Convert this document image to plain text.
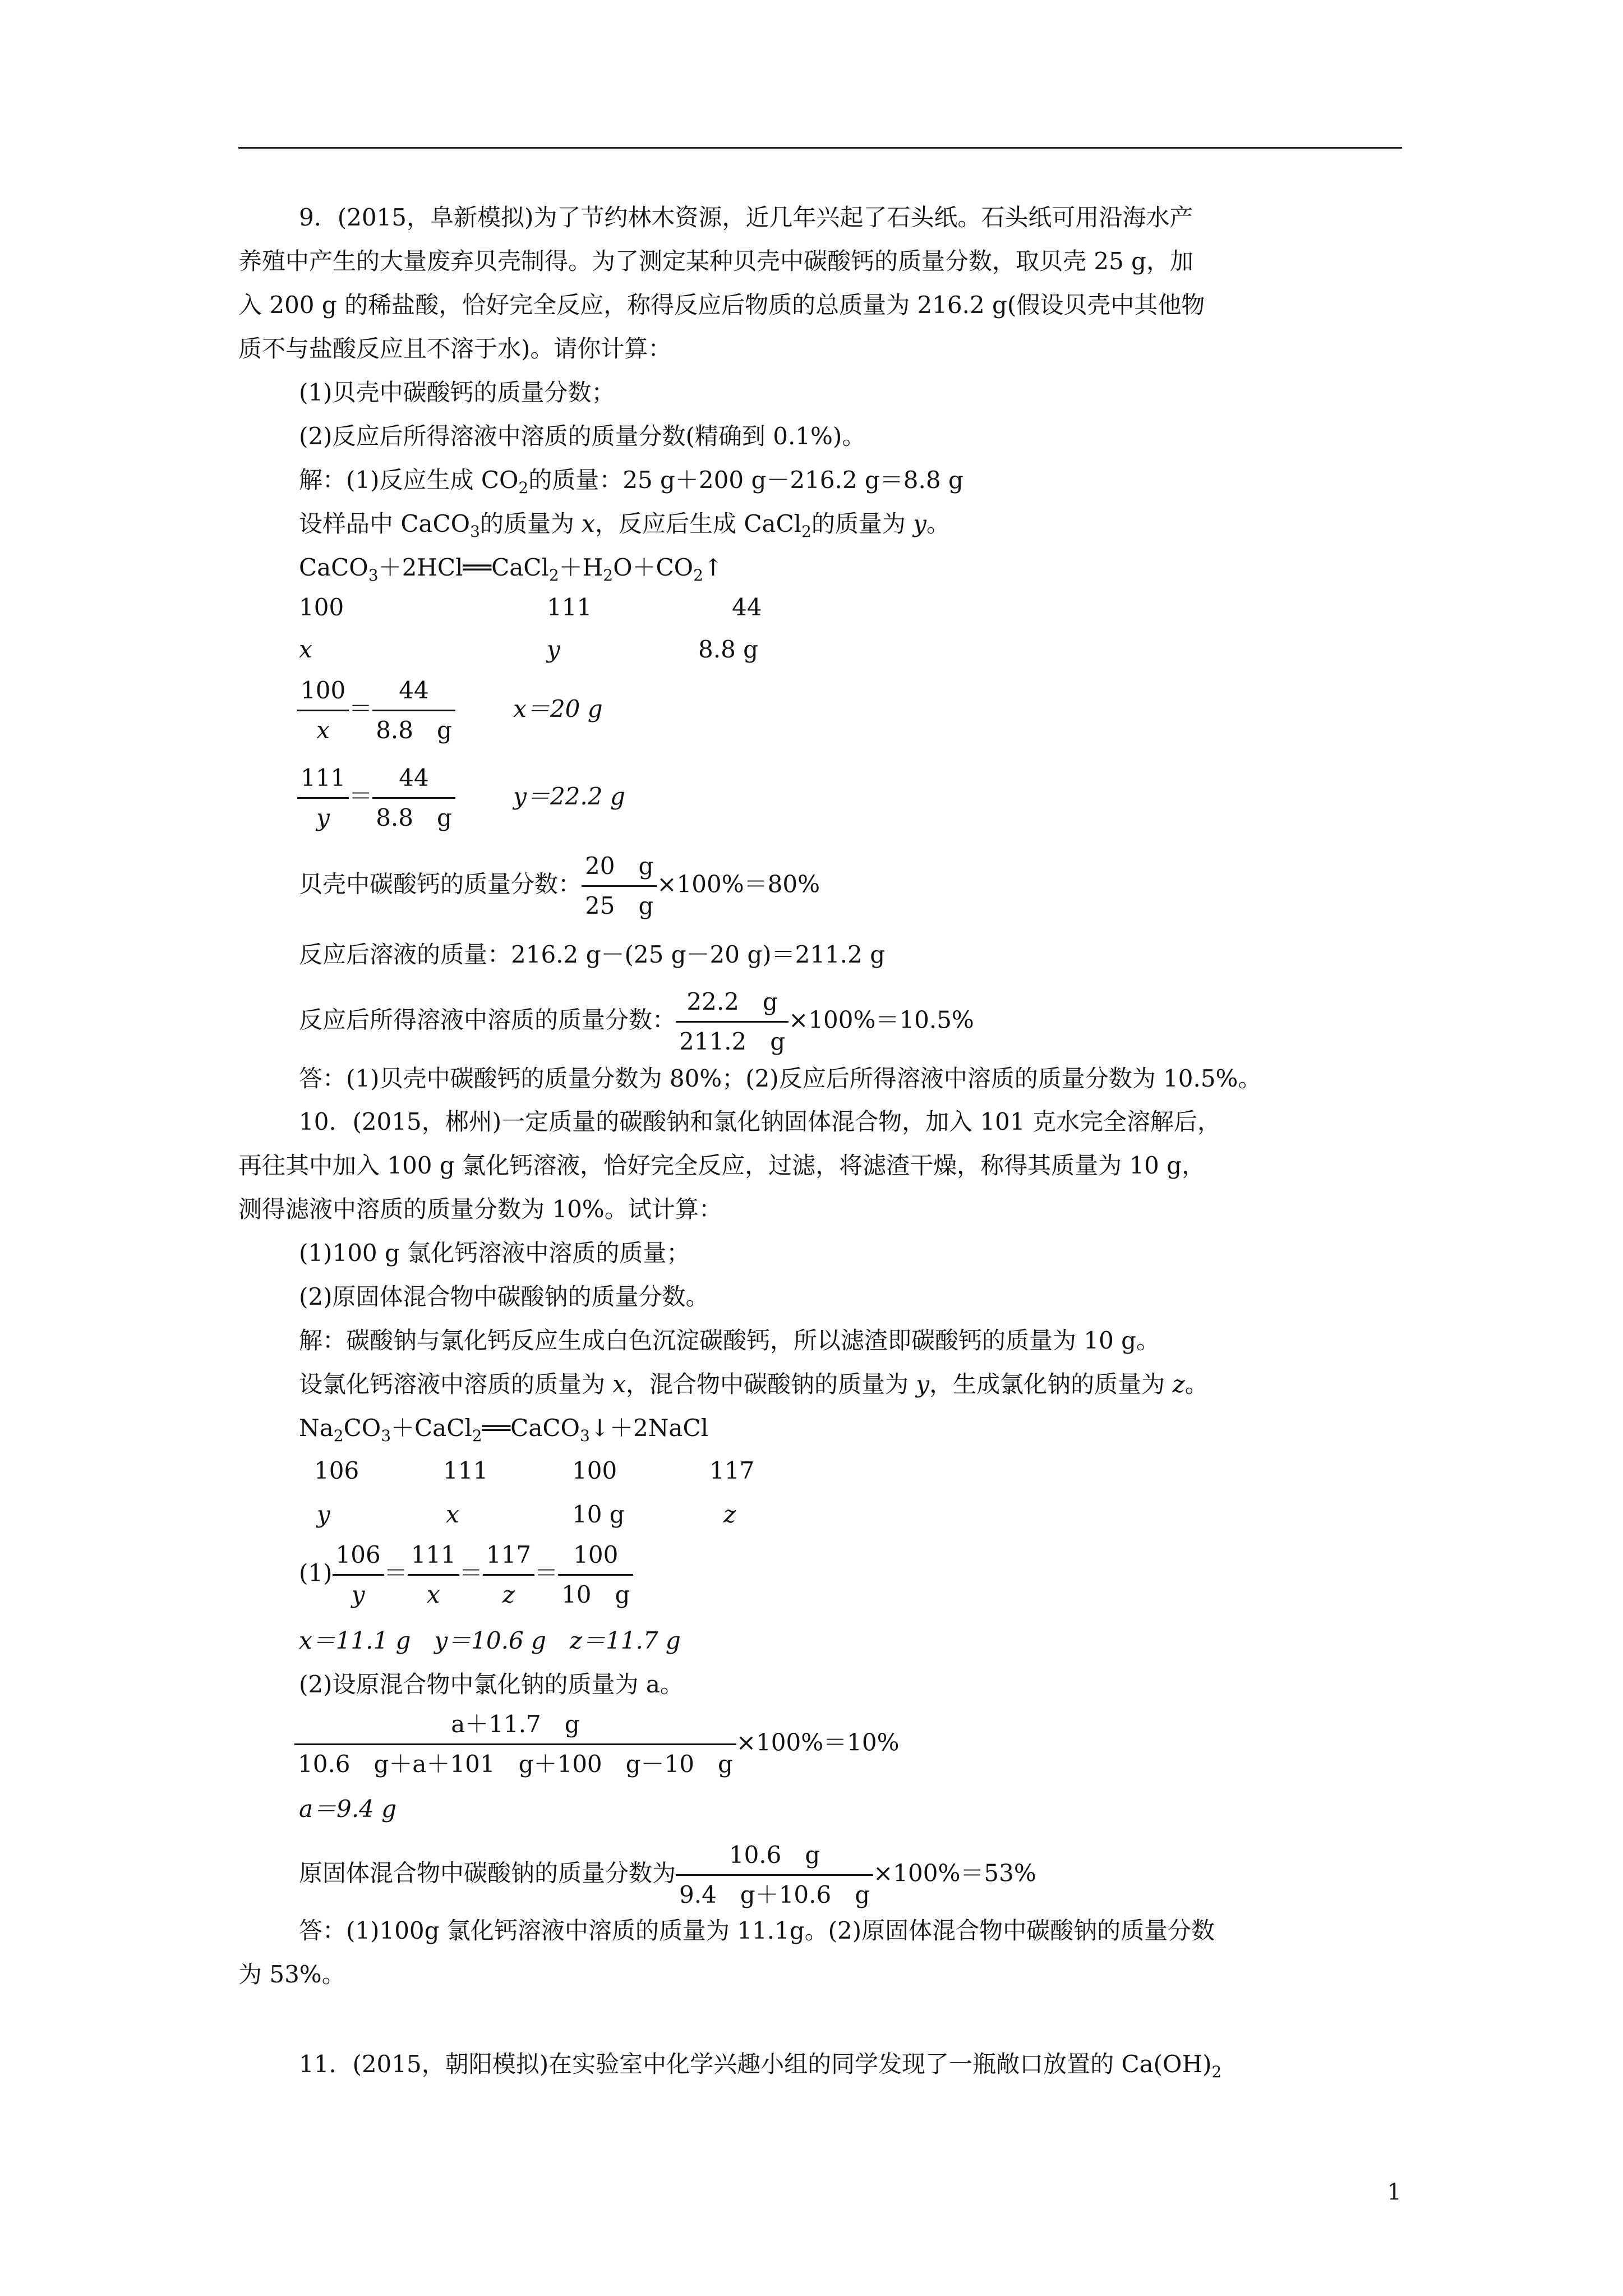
9．(2015，阜新模拟)为了节约林木资源，近几年兴起了石头纸。石头纸可用沿海水产
养殖中产生的大量废弃贝壳制得。为了测定某种贝壳中碳酸钙的质量分数，取贝壳 25 g，加
入 200 g 的稀盐酸，恰好完全反应，称得反应后物质的总质量为 216.2 g(假设贝壳中其他物
质不与盐酸反应且不溶于水)。请你计算：
(1)贝壳中碳酸钙的质量分数；
(2)反应后所得溶液中溶质的质量分数(精确到 0.1%)。
解：(1)反应生成 $CO_2$的质量：25 g＋200 g－216.2 g＝8.8 g
设样品中 CaCO$_3$的质量为 x，反应后生成 CaCl$_2$的质量为 y。
$CaCO_3+2HCl══CaCl_2+H_2O+CO_2↑$
100	111	44
x	y	8.8 g
$\frac{100}{x} = \frac{44}{8.8 g} x=20$ g
$\frac{111}{y} = \frac{44}{8.8 g} y=22.2$ g
贝壳中碳酸钙的质量分数： $\frac{20 g}{25 g} \times 100\%=80\%$
反应后溶液的质量：216.2 g－(25 g－20 g)＝211.2 g
反应后所得溶液中溶质的质量分数： $\frac{22.2 g}{211.2 g} \times 100\%=10.5\%$
答：(1)贝壳中碳酸钙的质量分数为 80%；(2)反应后所得溶液中溶质的质量分数为 10.5%。
10．(2015，郴州)一定质量的碳酸钠和氯化钠固体混合物，加入 101 克水完全溶解后，
再往其中加入 100 g 氯化钙溶液，恰好完全反应，过滤，将滤渣干燥，称得其质量为 10 g，
测得滤液中溶质的质量分数为 10%。试计算：
(1)100 g 氯化钙溶液中溶质的质量；
(2)原固体混合物中碳酸钠的质量分数。
解：碳酸钠与氯化钙反应生成白色沉淀碳酸钙，所以滤渣即碳酸钙的质量为 10 g。
设氯化钙溶液中溶质的质量为 x，混合物中碳酸钠的质量为 y，生成氯化钠的质量为 z。
$Na_2CO_3+CaCl_2══CaCO_3↓+2NaCl$
106	111	100	117
y	x	10 g	z
$(1) \frac{106}{y} = \frac{111}{x} = \frac{117}{z} = \frac{100}{10 g}$
x＝11.1 g　y＝10.6 g　z＝11.7 g
(2)设原混合物中氯化钠的质量为 a。
$\frac{a+11.7 g}{10.6 g+a+101 g+100 g-10 g} \times 100\%=10\%$
a＝9.4 g
原固体混合物中碳酸钠的质量分数为 $\frac{10.6 g}{9.4 g+10.6 g} \times 100\%=53\%$
答：(1)100g 氯化钙溶液中溶质的质量为 11.1g。(2)原固体混合物中碳酸钠的质量分数
为 53%。
11．(2015，朝阳模拟)在实验室中化学兴趣小组的同学发现了一瓶敞口放置的 $Ca(OH)_2$
1
